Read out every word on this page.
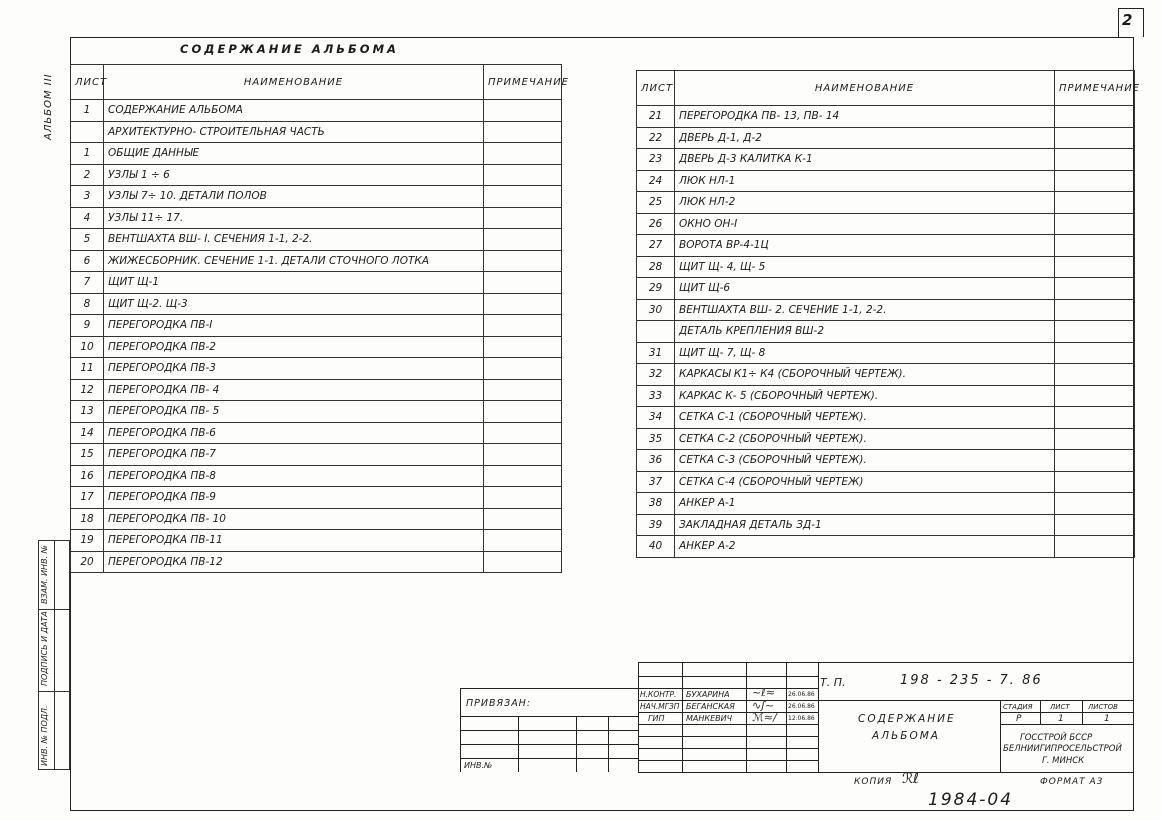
2
АЛЬБОМ III
СОДЕРЖАНИЕ АЛЬБОМА
ЛИСТ	НАИМЕНОВАНИЕ	ПРИМЕЧАНИЕ
1	СОДЕРЖАНИЕ АЛЬБОМА	
	АРХИТЕКТУРНО- СТРОИТЕЛЬНАЯ ЧАСТЬ	
1	ОБЩИЕ ДАННЫЕ	
2	УЗЛЫ 1 ÷ 6	
3	УЗЛЫ 7÷ 10. ДЕТАЛИ ПОЛОВ	
4	УЗЛЫ 11÷ 17.	
5	ВЕНТШАХТА ВШ- I. СЕЧЕНИЯ 1-1, 2-2.	
6	ЖИЖЕСБОРНИК. СЕЧЕНИЕ 1-1. ДЕТАЛИ СТОЧНОГО ЛОТКА	
7	ЩИТ Щ-1	
8	ЩИТ Щ-2. Щ-3	
9	ПЕРЕГОРОДКА ПВ-I	
10	ПЕРЕГОРОДКА ПВ-2	
11	ПЕРЕГОРОДКА ПВ-3	
12	ПЕРЕГОРОДКА ПВ- 4	
13	ПЕРЕГОРОДКА ПВ- 5	
14	ПЕРЕГОРОДКА ПВ-6	
15	ПЕРЕГОРОДКА ПВ-7	
16	ПЕРЕГОРОДКА ПВ-8	
17	ПЕРЕГОРОДКА ПВ-9	
18	ПЕРЕГОРОДКА ПВ- 10	
19	ПЕРЕГОРОДКА ПВ-11	
20	ПЕРЕГОРОДКА ПВ-12	
ЛИСТ	НАИМЕНОВАНИЕ	ПРИМЕЧАНИЕ
21	ПЕРЕГОРОДКА ПВ- 13, ПВ- 14	
22	ДВЕРЬ Д-1, Д-2	
23	ДВЕРЬ Д-3 КАЛИТКА К-1	
24	ЛЮК НЛ-1	
25	ЛЮК НЛ-2	
26	ОКНО ОН-I	
27	ВОРОТА ВР-4-1Ц	
28	ЩИТ Щ- 4, Щ- 5	
29	ЩИТ Щ-6	
30	ВЕНТШАХТА ВШ- 2. СЕЧЕНИЕ 1-1, 2-2.	
	ДЕТАЛЬ КРЕПЛЕНИЯ ВШ-2	
31	ЩИТ Щ- 7, Щ- 8	
32	КАРКАСЫ К1÷ К4 (СБОРОЧНЫЙ ЧЕРТЕЖ).	
33	КАРКАС К- 5 (СБОРОЧНЫЙ ЧЕРТЕЖ).	
34	СЕТКА С-1 (СБОРОЧНЫЙ ЧЕРТЕЖ).	
35	СЕТКА С-2 (СБОРОЧНЫЙ ЧЕРТЕЖ).	
36	СЕТКА С-3 (СБОРОЧНЫЙ ЧЕРТЕЖ).	
37	СЕТКА С-4 (СБОРОЧНЫЙ ЧЕРТЕЖ)	
38	АНКЕР А-1	
39	ЗАКЛАДНАЯ ДЕТАЛЬ ЗД-1	
40	АНКЕР А-2	
ВЗАМ. ИНВ. №
ПОДПИСЬ И ДАТА
ИНВ. № ПОДЛ.
ПРИВЯЗАН:
ИНВ.№
Н.КОНТР. БУХАРИНА	26.06.86
НАЧ.МГЗП БЕГАНСКАЯ	26.06.86
ГИП	МАНКЕВИЧ	12.06.86
~ℓ≈
∿ʃ~
ℳ≈/
Т. П.	198 - 235 - 7. 86
СОДЕРЖАНИЕ
АЛЬБОМА
СТАДИЯ ЛИСТ	ЛИСТОВ
Р	1	1
ГОССТРОЙ БССР
БЕЛНИИГИПРОСЕЛЬСТРОЙ
Г. МИНСК
КОПИЯ ℛℓ	ФОРМАТ А3
1984-04
